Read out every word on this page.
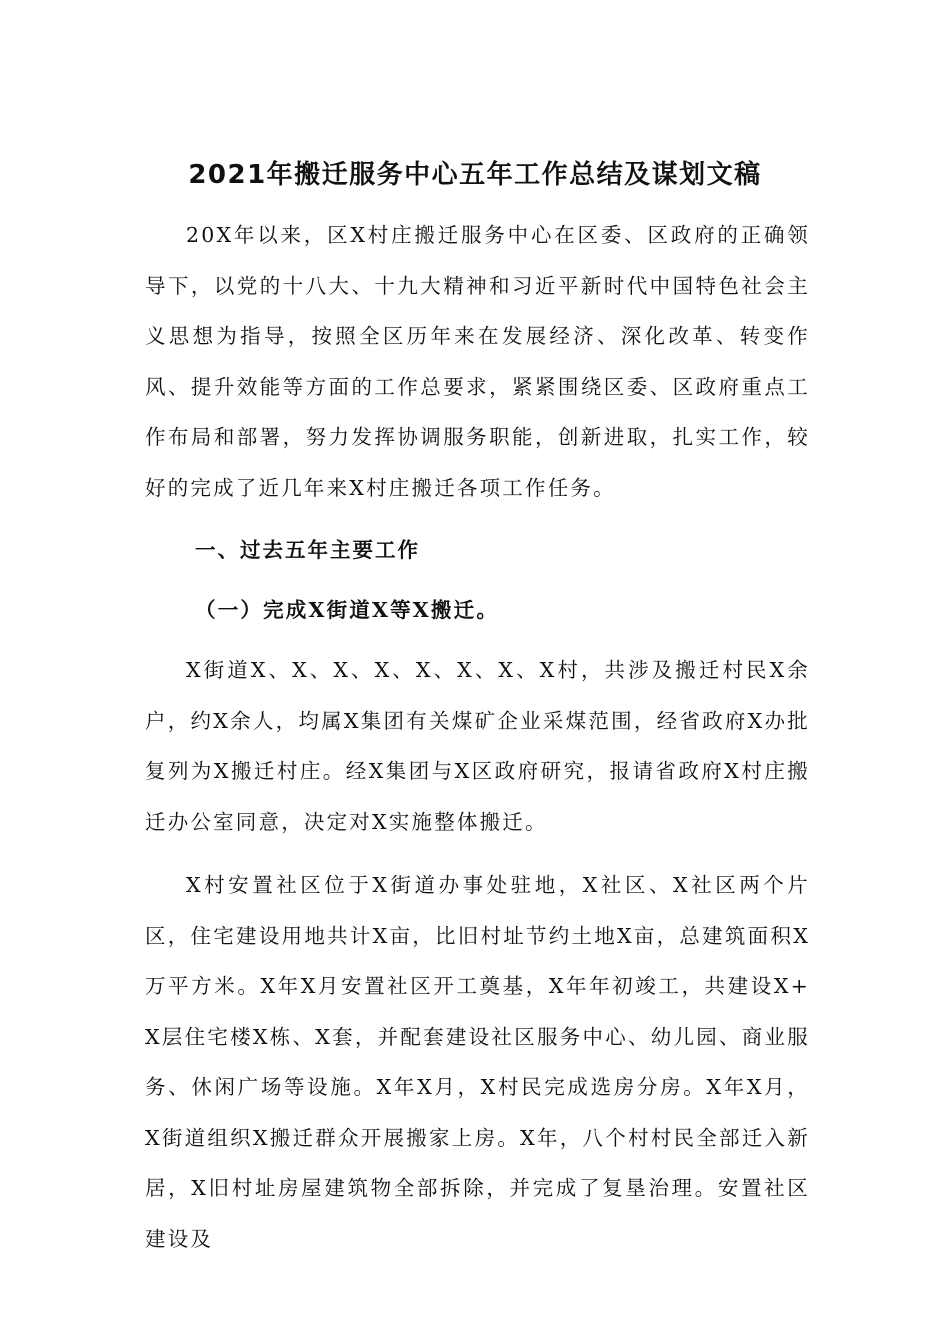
2021年搬迁服务中心五年工作总结及谋划文稿

20X年以来，区X村庄搬迁服务中心在区委、区政府的正确领导下，以党的十八大、十九大精神和习近平新时代中国特色社会主义思想为指导，按照全区历年来在发展经济、深化改革、转变作风、提升效能等方面的工作总要求，紧紧围绕区委、区政府重点工作布局和部署，努力发挥协调服务职能，创新进取，扎实工作，较好的完成了近几年来X村庄搬迁各项工作任务。

一、过去五年主要工作
（一）完成X街道X等X搬迁。

X街道X、X、X、X、X、X、X、X村，共涉及搬迁村民X余户，约X余人，均属X集团有关煤矿企业采煤范围，经省政府X办批复列为X搬迁村庄。经X集团与X区政府研究，报请省政府X村庄搬迁办公室同意，决定对X实施整体搬迁。

X村安置社区位于X街道办事处驻地，X社区、X社区两个片区，住宅建设用地共计X亩，比旧村址节约土地X亩，总建筑面积X万平方米。X年X月安置社区开工奠基，X年年初竣工，共建设X+X层住宅楼X栋、X套，并配套建设社区服务中心、幼儿园、商业服务、休闲广场等设施。X年X月，X村民完成选房分房。X年X月，X街道组织X搬迁群众开展搬家上房。X年，八个村村民全部迁入新居，X旧村址房屋建筑物全部拆除，并完成了复垦治理。安置社区建设及
